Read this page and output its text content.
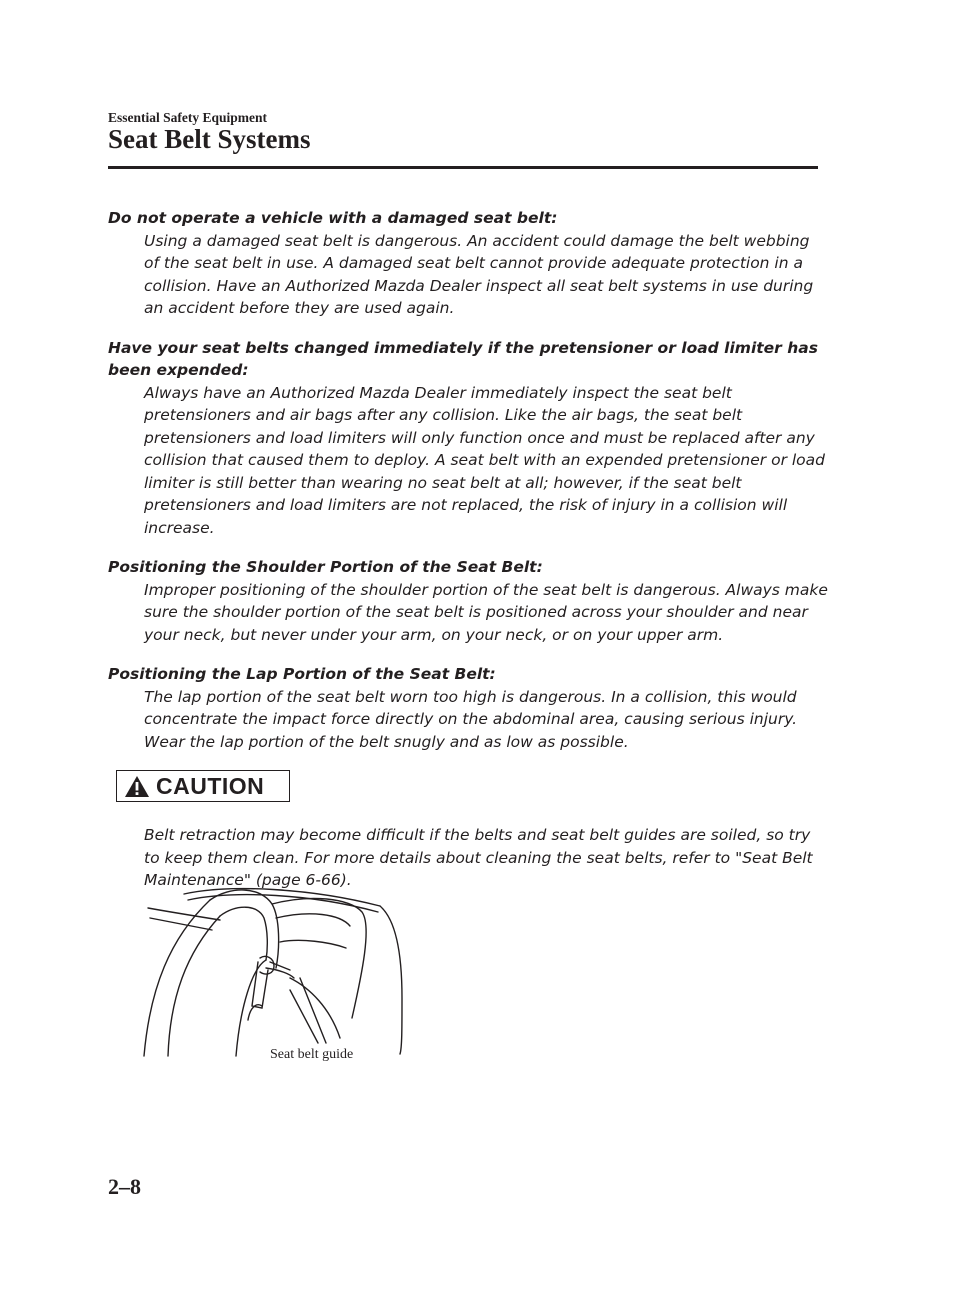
Essential Safety Equipment
Seat Belt Systems
Do not operate a vehicle with a damaged seat belt:
Using a damaged seat belt is dangerous. An accident could damage the belt webbing of the seat belt in use. A damaged seat belt cannot provide adequate protection in a collision. Have an Authorized Mazda Dealer inspect all seat belt systems in use during an accident before they are used again.
Have your seat belts changed immediately if the pretensioner or load limiter has been expended:
Always have an Authorized Mazda Dealer immediately inspect the seat belt pretensioners and air bags after any collision. Like the air bags, the seat belt pretensioners and load limiters will only function once and must be replaced after any collision that caused them to deploy. A seat belt with an expended pretensioner or load limiter is still better than wearing no seat belt at all; however, if the seat belt pretensioners and load limiters are not replaced, the risk of injury in a collision will increase.
Positioning the Shoulder Portion of the Seat Belt:
Improper positioning of the shoulder portion of the seat belt is dangerous. Always make sure the shoulder portion of the seat belt is positioned across your shoulder and near your neck, but never under your arm, on your neck, or on your upper arm.
Positioning the Lap Portion of the Seat Belt:
The lap portion of the seat belt worn too high is dangerous. In a collision, this would concentrate the impact force directly on the abdominal area, causing serious injury. Wear the lap portion of the belt snugly and as low as possible.
CAUTION
Belt retraction may become difficult if the belts and seat belt guides are soiled, so try to keep them clean. For more details about cleaning the seat belts, refer to "Seat Belt Maintenance" (page 6-66).
Seat belt guide
2–8
